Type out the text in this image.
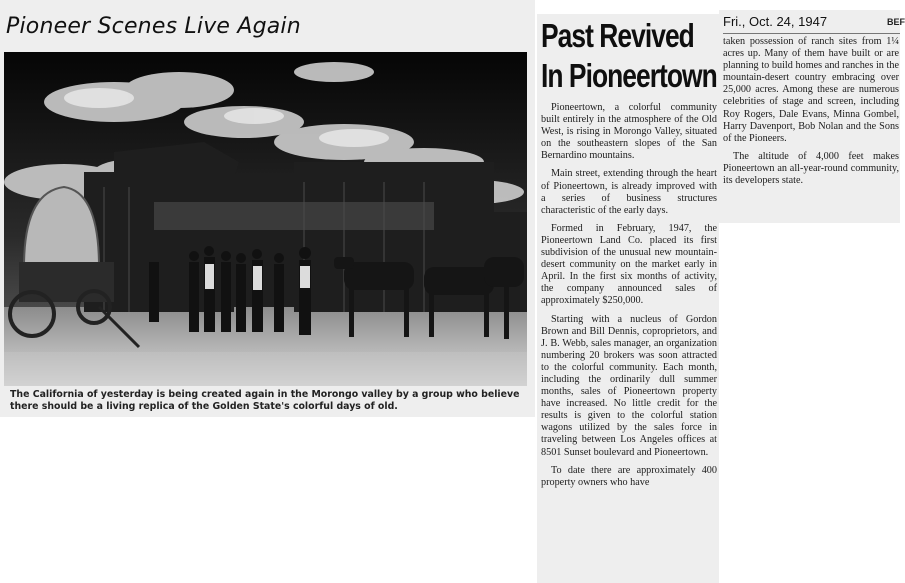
Pioneer Scenes Live Again
The California of yesterday is being created again in the Morongo valley by a group who believe there should be a living replica of the Golden State's colorful days of old.
Past Revived
In Pioneertown

Pioneertown, a colorful community built entirely in the atmosphere of the Old West, is rising in Morongo Valley, situated on the southeastern slopes of the San Bernardino mountains.

Main street, extending through the heart of Pioneertown, is already improved with a series of business structures characteristic of the early days.

Formed in February, 1947, the Pioneertown Land Co. placed its first subdivision of the unusual new mountain-desert community on the market early in April. In the first six months of activity, the company announced sales of approximately $250,000.

Starting with a nucleus of Gordon Brown and Bill Dennis, coproprietors, and J. B. Webb, sales manager, an organization numbering 20 brokers was soon attracted to the colorful community. Each month, including the ordinarily dull summer months, sales of Pioneertown property have increased. No little credit for the results is given to the colorful station wagons utilized by the sales force in traveling between Los Angeles offices at 8501 Sunset boulevard and Pioneertown.

To date there are approximately 400 property owners who have

Fri., Oct. 24, 1947	BEF

taken possession of ranch sites from 1¼ acres up. Many of them have built or are planning to build homes and ranches in the mountain-desert country embracing over 25,000 acres. Among these are numerous celebrities of stage and screen, including Roy Rogers, Dale Evans, Minna Gombel, Harry Davenport, Bob Nolan and the Sons of the Pioneers.

The altitude of 4,000 feet makes Pioneertown an all-year-round community, its developers state.
